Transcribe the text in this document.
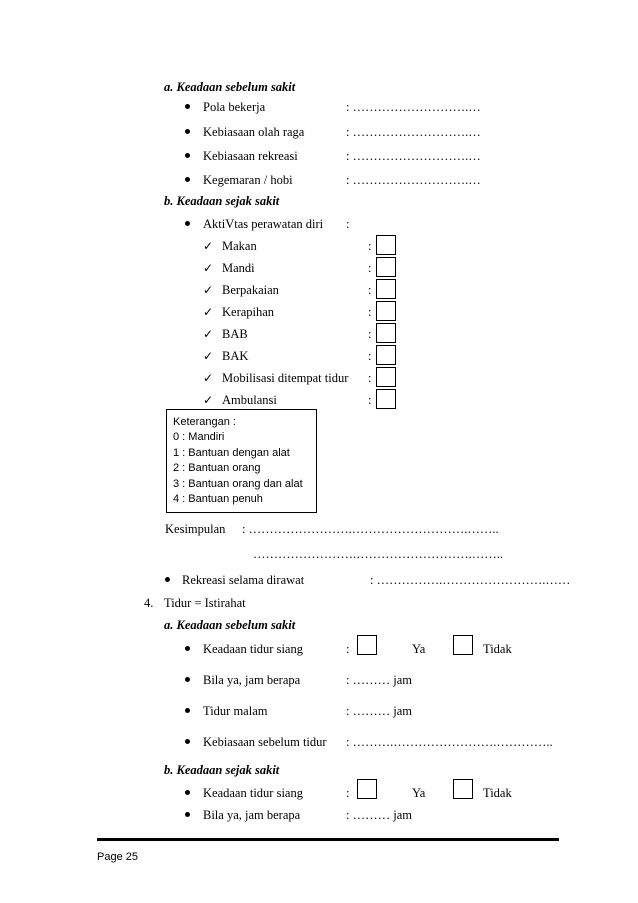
a. Keadaan sebelum sakit
Pola bekerja	: ……………………….…
Kebiasaan olah raga	: ……………………….…
Kebiasaan rekreasi	: ……………………….…
Kegemaran / hobi	: ……………………….…
b. Keadaan sejak sakit
AktiVtas perawatan diri :
✓ Makan	:
✓ Mandi	:
✓ Berpakaian	:
✓ Kerapihan	:
✓ BAB	:
✓ BAK	:
✓ Mobilisasi ditempat tidur :
✓ Ambulansi	:
Keterangan :
0 : Mandiri
1 : Bantuan dengan alat
2 : Bantuan orang
3 : Bantuan orang dan alat
4 : Bantuan penuh
Kesimpulan : …………………….……………………….……..
…………………….……………………….……..
Rekreasi selama dirawat	: …………….…………………….……
4. Tidur = Istirahat
a. Keadaan sebelum sakit
Keadaan tidur siang	:	Ya	Tidak
Bila ya, jam berapa	: ……… jam
Tidur malam	: ……… jam
Kebiasaan sebelum tidur : ……….…………………….…………..
b. Keadaan sejak sakit
Keadaan tidur siang	:	Ya	Tidak
Bila ya, jam berapa	: ……… jam
Page 25
